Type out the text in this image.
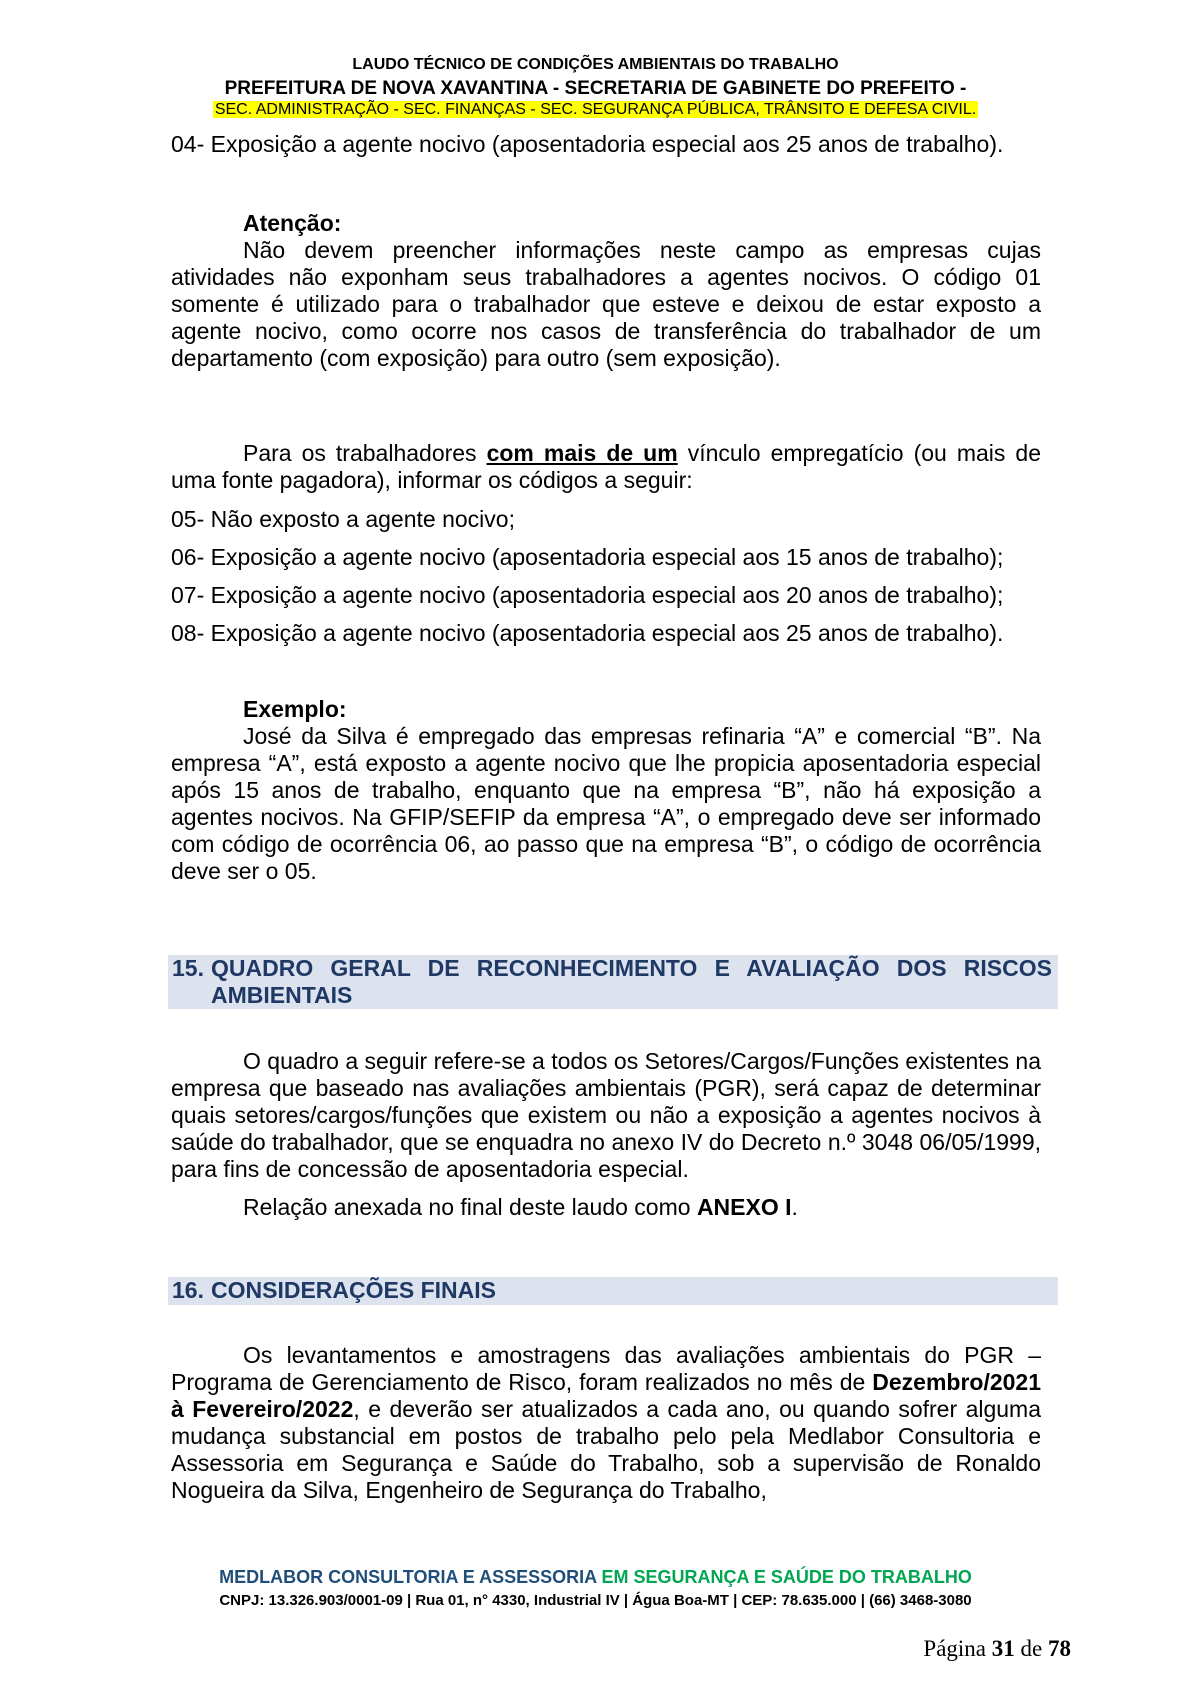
LAUDO TÉCNICO DE CONDIÇÕES AMBIENTAIS DO TRABALHO
PREFEITURA DE NOVA XAVANTINA - SECRETARIA DE GABINETE DO PREFEITO -
SEC. ADMINISTRAÇÃO - SEC. FINANÇAS - SEC. SEGURANÇA PÚBLICA, TRÂNSITO E DEFESA CIVIL.

04- Exposição a agente nocivo (aposentadoria especial aos 25 anos de trabalho).

Atenção:

Não devem preencher informações neste campo as empresas cujas atividades não exponham seus trabalhadores a agentes nocivos. O código 01 somente é utilizado para o trabalhador que esteve e deixou de estar exposto a agente nocivo, como ocorre nos casos de transferência do trabalhador de um departamento (com exposição) para outro (sem exposição).

Para os trabalhadores com mais de um vínculo empregatício (ou mais de uma fonte pagadora), informar os códigos a seguir:

05- Não exposto a agente nocivo;

06- Exposição a agente nocivo (aposentadoria especial aos 15 anos de trabalho);

07- Exposição a agente nocivo (aposentadoria especial aos 20 anos de trabalho);

08- Exposição a agente nocivo (aposentadoria especial aos 25 anos de trabalho).

Exemplo:

José da Silva é empregado das empresas refinaria “A” e comercial “B”. Na empresa “A”, está exposto a agente nocivo que lhe propicia aposentadoria especial após 15 anos de trabalho, enquanto que na empresa “B”, não há exposição a agentes nocivos. Na GFIP/SEFIP da empresa “A”, o empregado deve ser informado com código de ocorrência 06, ao passo que na empresa “B”, o código de ocorrência deve ser o 05.

15. QUADRO GERAL DE RECONHECIMENTO E AVALIAÇÃO DOS RISCOS AMBIENTAIS

O quadro a seguir refere-se a todos os Setores/Cargos/Funções existentes na empresa que baseado nas avaliações ambientais (PGR), será capaz de determinar quais setores/cargos/funções que existem ou não a exposição a agentes nocivos à saúde do trabalhador, que se enquadra no anexo IV do Decreto n.º 3048 06/05/1999, para fins de concessão de aposentadoria especial.

Relação anexada no final deste laudo como ANEXO I.

16. CONSIDERAÇÕES FINAIS

Os levantamentos e amostragens das avaliações ambientais do PGR – Programa de Gerenciamento de Risco, foram realizados no mês de Dezembro/2021 à Fevereiro/2022, e deverão ser atualizados a cada ano, ou quando sofrer alguma mudança substancial em postos de trabalho pelo pela Medlabor Consultoria e Assessoria em Segurança e Saúde do Trabalho, sob a supervisão de Ronaldo Nogueira da Silva, Engenheiro de Segurança do Trabalho,

MEDLABOR CONSULTORIA E ASSESSORIA EM SEGURANÇA E SAÚDE DO TRABALHO
CNPJ: 13.326.903/0001-09 | Rua 01, n° 4330, Industrial IV | Água Boa-MT | CEP: 78.635.000 | (66) 3468-3080
Página 31 de 78
